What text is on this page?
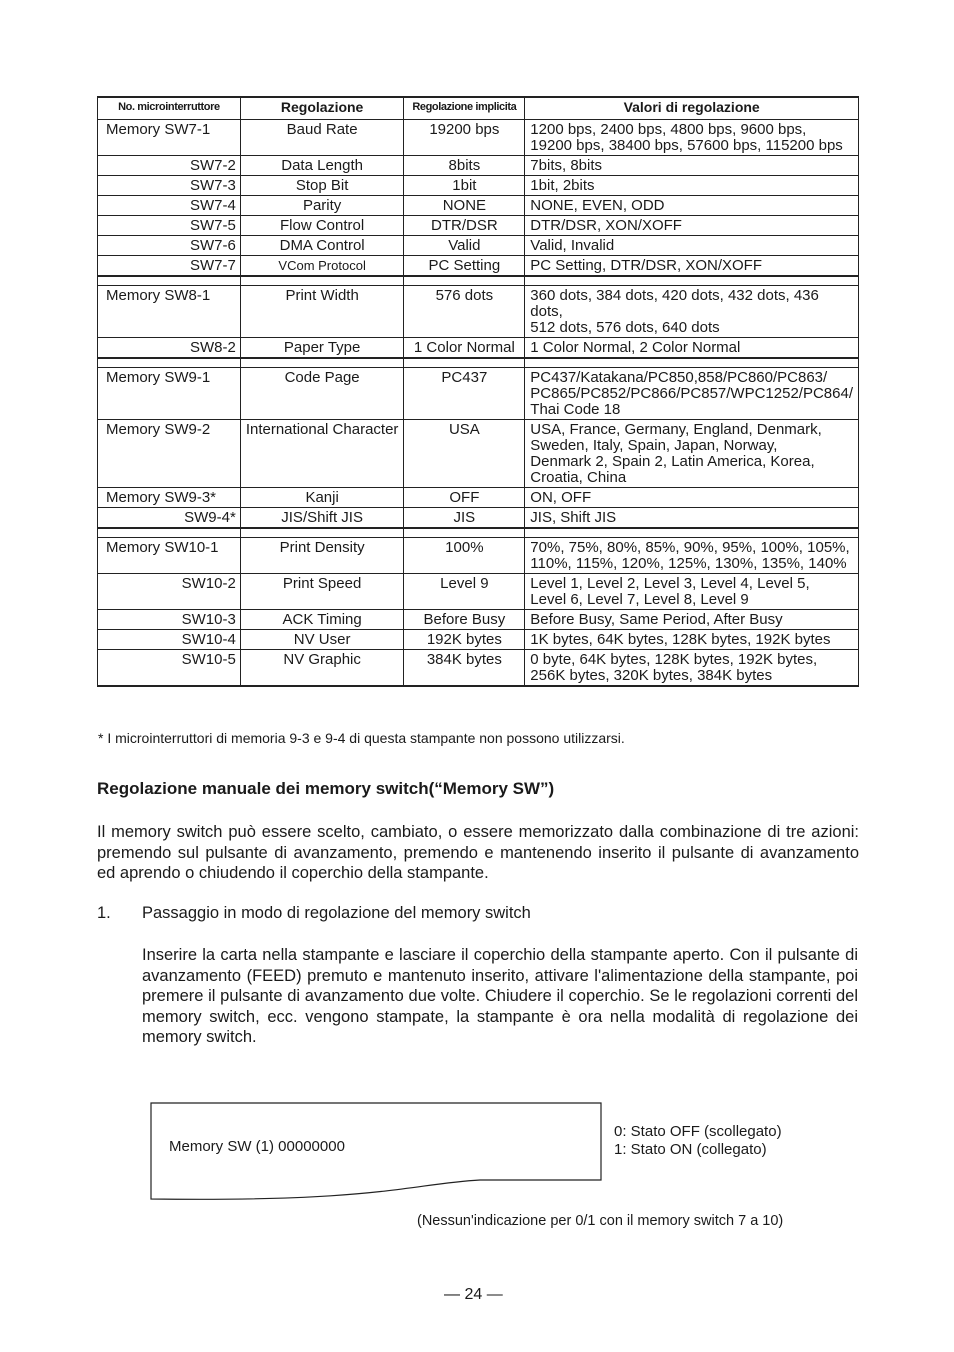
No. microinterruttore	Regolazione	Regolazione implicita	Valori di regolazione
Memory SW7-1	Baud Rate	19200 bps	1200 bps, 2400 bps, 4800 bps, 9600 bps,
19200 bps, 38400 bps, 57600 bps, 115200 bps
SW7-2	Data Length	8bits	7bits, 8bits
SW7-3	Stop Bit	1bit	1bit, 2bits
SW7-4	Parity	NONE	NONE, EVEN, ODD
SW7-5	Flow Control	DTR/DSR	DTR/DSR, XON/XOFF
SW7-6	DMA Control	Valid	Valid, Invalid
SW7-7	VCom Protocol	PC Setting	PC Setting, DTR/DSR, XON/XOFF

Memory SW8-1	Print Width	576 dots	360 dots, 384 dots, 420 dots, 432 dots, 436 dots,
512 dots, 576 dots, 640 dots
SW8-2	Paper Type	1 Color Normal	1 Color Normal, 2 Color Normal

Memory SW9-1	Code Page	PC437	PC437/Katakana/PC850,858/PC860/PC863/
PC865/PC852/PC866/PC857/WPC1252/PC864/
Thai Code 18
Memory SW9-2	International Character	USA	USA, France, Germany, England, Denmark,
Sweden, Italy, Spain, Japan, Norway,
Denmark 2, Spain 2, Latin America, Korea,
Croatia, China
Memory SW9-3*	Kanji	OFF	ON, OFF
SW9-4*	JIS/Shift JIS	JIS	JIS, Shift JIS

Memory SW10-1	Print Density	100%	70%, 75%, 80%, 85%, 90%, 95%, 100%, 105%,
110%, 115%, 120%, 125%, 130%, 135%, 140%
SW10-2	Print Speed	Level 9	Level 1, Level 2, Level 3, Level 4, Level 5,
Level 6, Level 7, Level 8, Level 9
SW10-3	ACK Timing	Before Busy	Before Busy, Same Period, After Busy
SW10-4	NV User	192K bytes	1K bytes, 64K bytes, 128K bytes, 192K bytes

SW10-5	NV Graphic	384K bytes	0 byte, 64K bytes, 128K bytes, 192K bytes,
256K bytes, 320K bytes, 384K bytes
* I microinterruttori di memoria 9-3 e 9-4 di questa stampante non possono utilizzarsi.
Regolazione manuale dei memory switch(“Memory SW”)
Il memory switch può essere scelto, cambiato, o essere memorizzato dalla combinazione di tre azioni: premendo sul pulsante di avanzamento, premendo e mantenendo inserito il pulsante di avanzamento ed aprendo o chiudendo il coperchio della stampante.
1. Passaggio in modo di regolazione del memory switch
Inserire la carta nella stampante e lasciare il coperchio della stampante aperto. Con il pulsante di avanzamento (FEED) premuto e mantenuto inserito, attivare l'alimentazione della stampante, poi premere il pulsante di avanzamento due volte. Chiudere il coperchio. Se le regolazioni correnti del memory switch, ecc. vengono stampate, la stampante è ora nella modalità di regolazione dei memory switch.
Memory SW (1) 00000000
0: Stato OFF (scollegato)
1: Stato ON (collegato)
(Nessun'indicazione per 0/1 con il memory switch 7 a 10)
— 24 —
